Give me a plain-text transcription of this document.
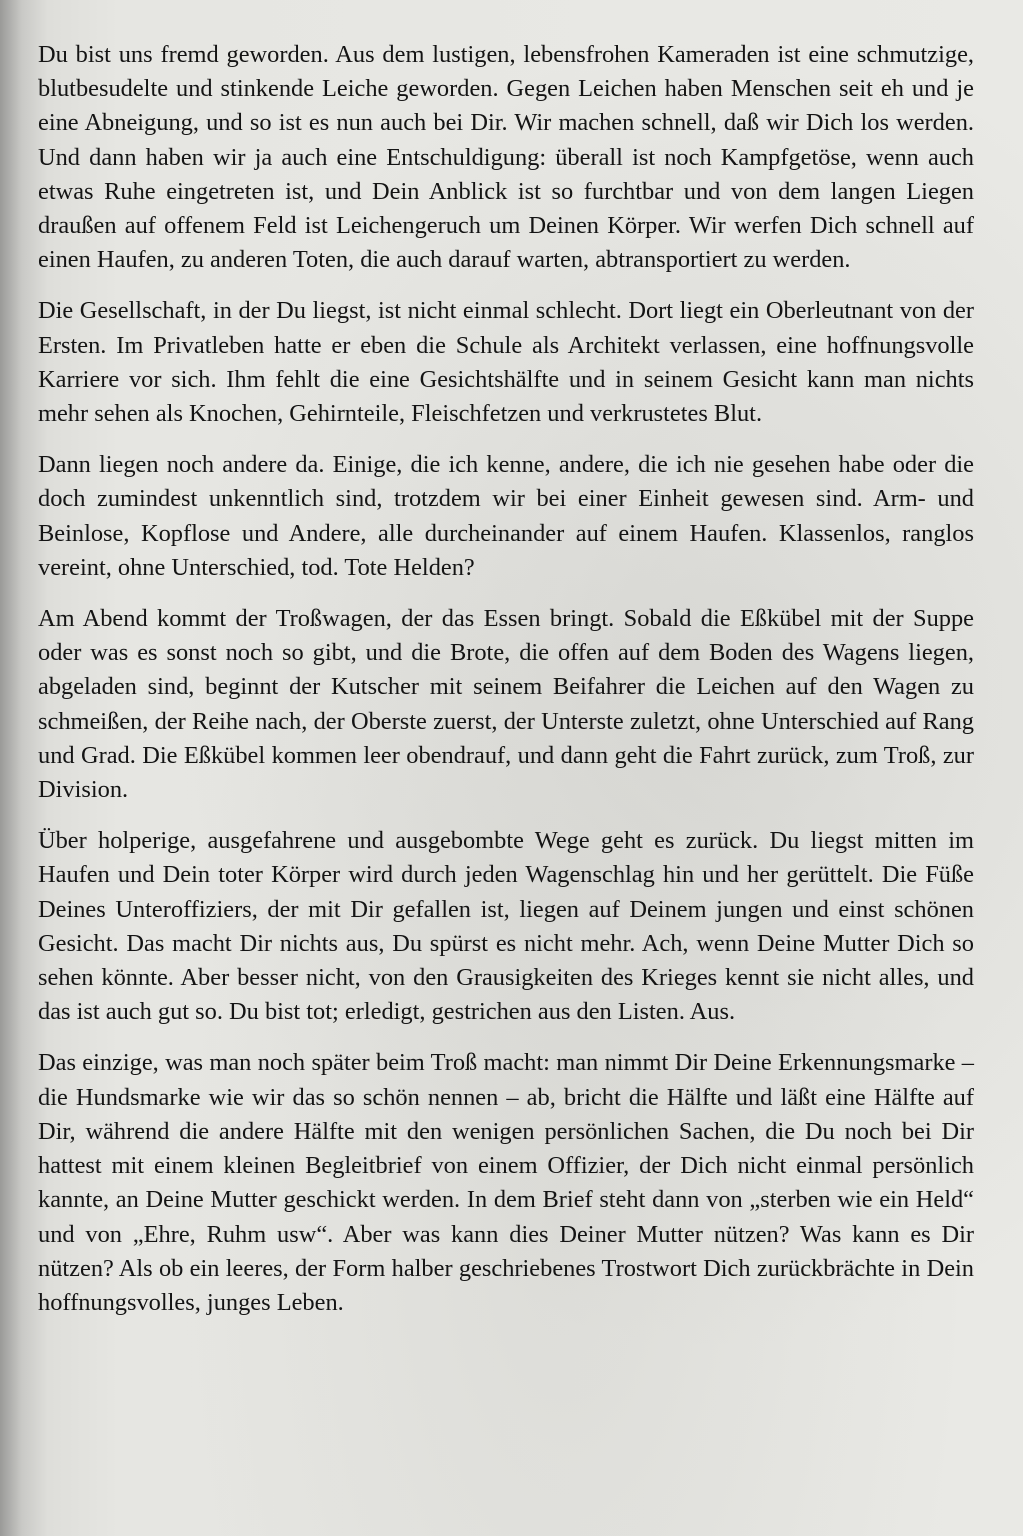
Du bist uns fremd geworden. Aus dem lustigen, lebensfrohen Kameraden ist eine schmutzige, blutbesudelte und stinkende Leiche geworden. Gegen Leichen haben Menschen seit eh und je eine Abneigung, und so ist es nun auch bei Dir. Wir machen schnell, daß wir Dich los werden. Und dann haben wir ja auch eine Entschuldigung: überall ist noch Kampfgetöse, wenn auch etwas Ruhe eingetreten ist, und Dein Anblick ist so furchtbar und von dem langen Liegen draußen auf offenem Feld ist Leichengeruch um Deinen Körper. Wir werfen Dich schnell auf einen Haufen, zu anderen Toten, die auch darauf warten, abtransportiert zu werden.

Die Gesellschaft, in der Du liegst, ist nicht einmal schlecht. Dort liegt ein Oberleutnant von der Ersten. Im Privatleben hatte er eben die Schule als Architekt verlassen, eine hoffnungsvolle Karriere vor sich. Ihm fehlt die eine Gesichtshälfte und in seinem Gesicht kann man nichts mehr sehen als Knochen, Gehirnteile, Fleischfetzen und verkrustetes Blut.

Dann liegen noch andere da. Einige, die ich kenne, andere, die ich nie gesehen habe oder die doch zumindest unkenntlich sind, trotzdem wir bei einer Einheit gewesen sind. Arm- und Beinlose, Kopflose und Andere, alle durcheinander auf einem Haufen. Klassenlos, ranglos vereint, ohne Unterschied, tod. Tote Helden?

Am Abend kommt der Troßwagen, der das Essen bringt. Sobald die Eßkübel mit der Suppe oder was es sonst noch so gibt, und die Brote, die offen auf dem Boden des Wagens liegen, abgeladen sind, beginnt der Kutscher mit seinem Beifahrer die Leichen auf den Wagen zu schmeißen, der Reihe nach, der Oberste zuerst, der Unterste zuletzt, ohne Unterschied auf Rang und Grad. Die Eßkübel kommen leer obendrauf, und dann geht die Fahrt zurück, zum Troß, zur Division.

Über holperige, ausgefahrene und ausgebombte Wege geht es zurück. Du liegst mitten im Haufen und Dein toter Körper wird durch jeden Wagenschlag hin und her gerüttelt. Die Füße Deines Unteroffiziers, der mit Dir gefallen ist, liegen auf Deinem jungen und einst schönen Gesicht. Das macht Dir nichts aus, Du spürst es nicht mehr. Ach, wenn Deine Mutter Dich so sehen könnte. Aber besser nicht, von den Grausigkeiten des Krieges kennt sie nicht alles, und das ist auch gut so. Du bist tot; erledigt, gestrichen aus den Listen. Aus.

Das einzige, was man noch später beim Troß macht: man nimmt Dir Deine Erkennungsmarke – die Hundsmarke wie wir das so schön nennen – ab, bricht die Hälfte und läßt eine Hälfte auf Dir, während die andere Hälfte mit den wenigen persönlichen Sachen, die Du noch bei Dir hattest mit einem kleinen Begleitbrief von einem Offizier, der Dich nicht einmal persönlich kannte, an Deine Mutter geschickt werden. In dem Brief steht dann von „sterben wie ein Held“ und von „Ehre, Ruhm usw“. Aber was kann dies Deiner Mutter nützen? Was kann es Dir nützen? Als ob ein leeres, der Form halber geschriebenes Trostwort Dich zurückbrächte in Dein hoffnungsvolles, junges Leben.
